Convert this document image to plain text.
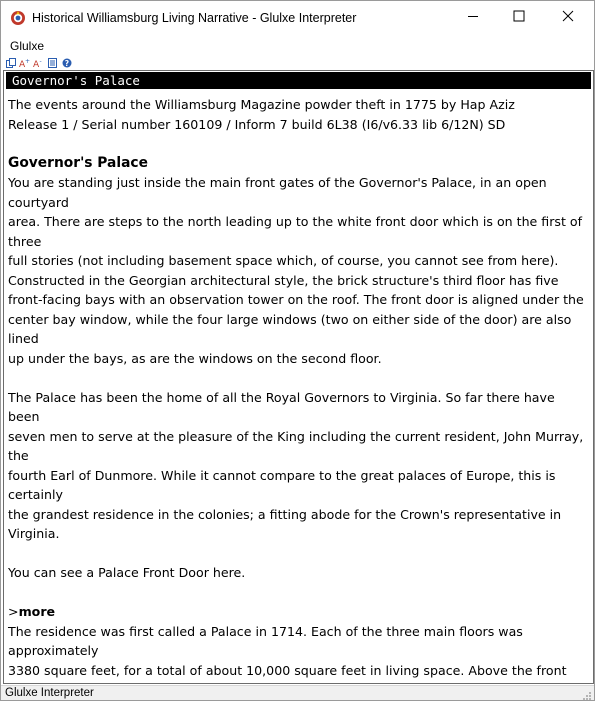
Historical Williamsburg Living Narrative - Glulxe Interpreter
Glulxe
A + A -	?
Governor's Palace

The events around the Williamsburg Magazine powder theft in 1775 by Hap Aziz

Release 1 / Serial number 160109 / Inform 7 build 6L38 (I6/v6.33 lib 6/12N) SD

Governor's Palace

You are standing just inside the main front gates of the Governor's Palace, in an open courtyard

area. There are steps to the north leading up to the white front door which is on the first of three

full stories (not including basement space which, of course, you cannot see from here).

Constructed in the Georgian architectural style, the brick structure's third floor has five

front-facing bays with an observation tower on the roof. The front door is aligned under the

center bay window, while the four large windows (two on either side of the door) are also lined

up under the bays, as are the windows on the second floor.

The Palace has been the home of all the Royal Governors to Virginia. So far there have been

seven men to serve at the pleasure of the King including the current resident, John Murray, the

fourth Earl of Dunmore. While it cannot compare to the great palaces of Europe, this is certainly

the grandest residence in the colonies; a fitting abode for the Crown's representative in Virginia.

You can see a Palace Front Door here.

>more

The residence was first called a Palace in 1714. Each of the three main floors was approximately

3380 square feet, for a total of about 10,000 square feet in living space. Above the front

Glulxe Interpreter
